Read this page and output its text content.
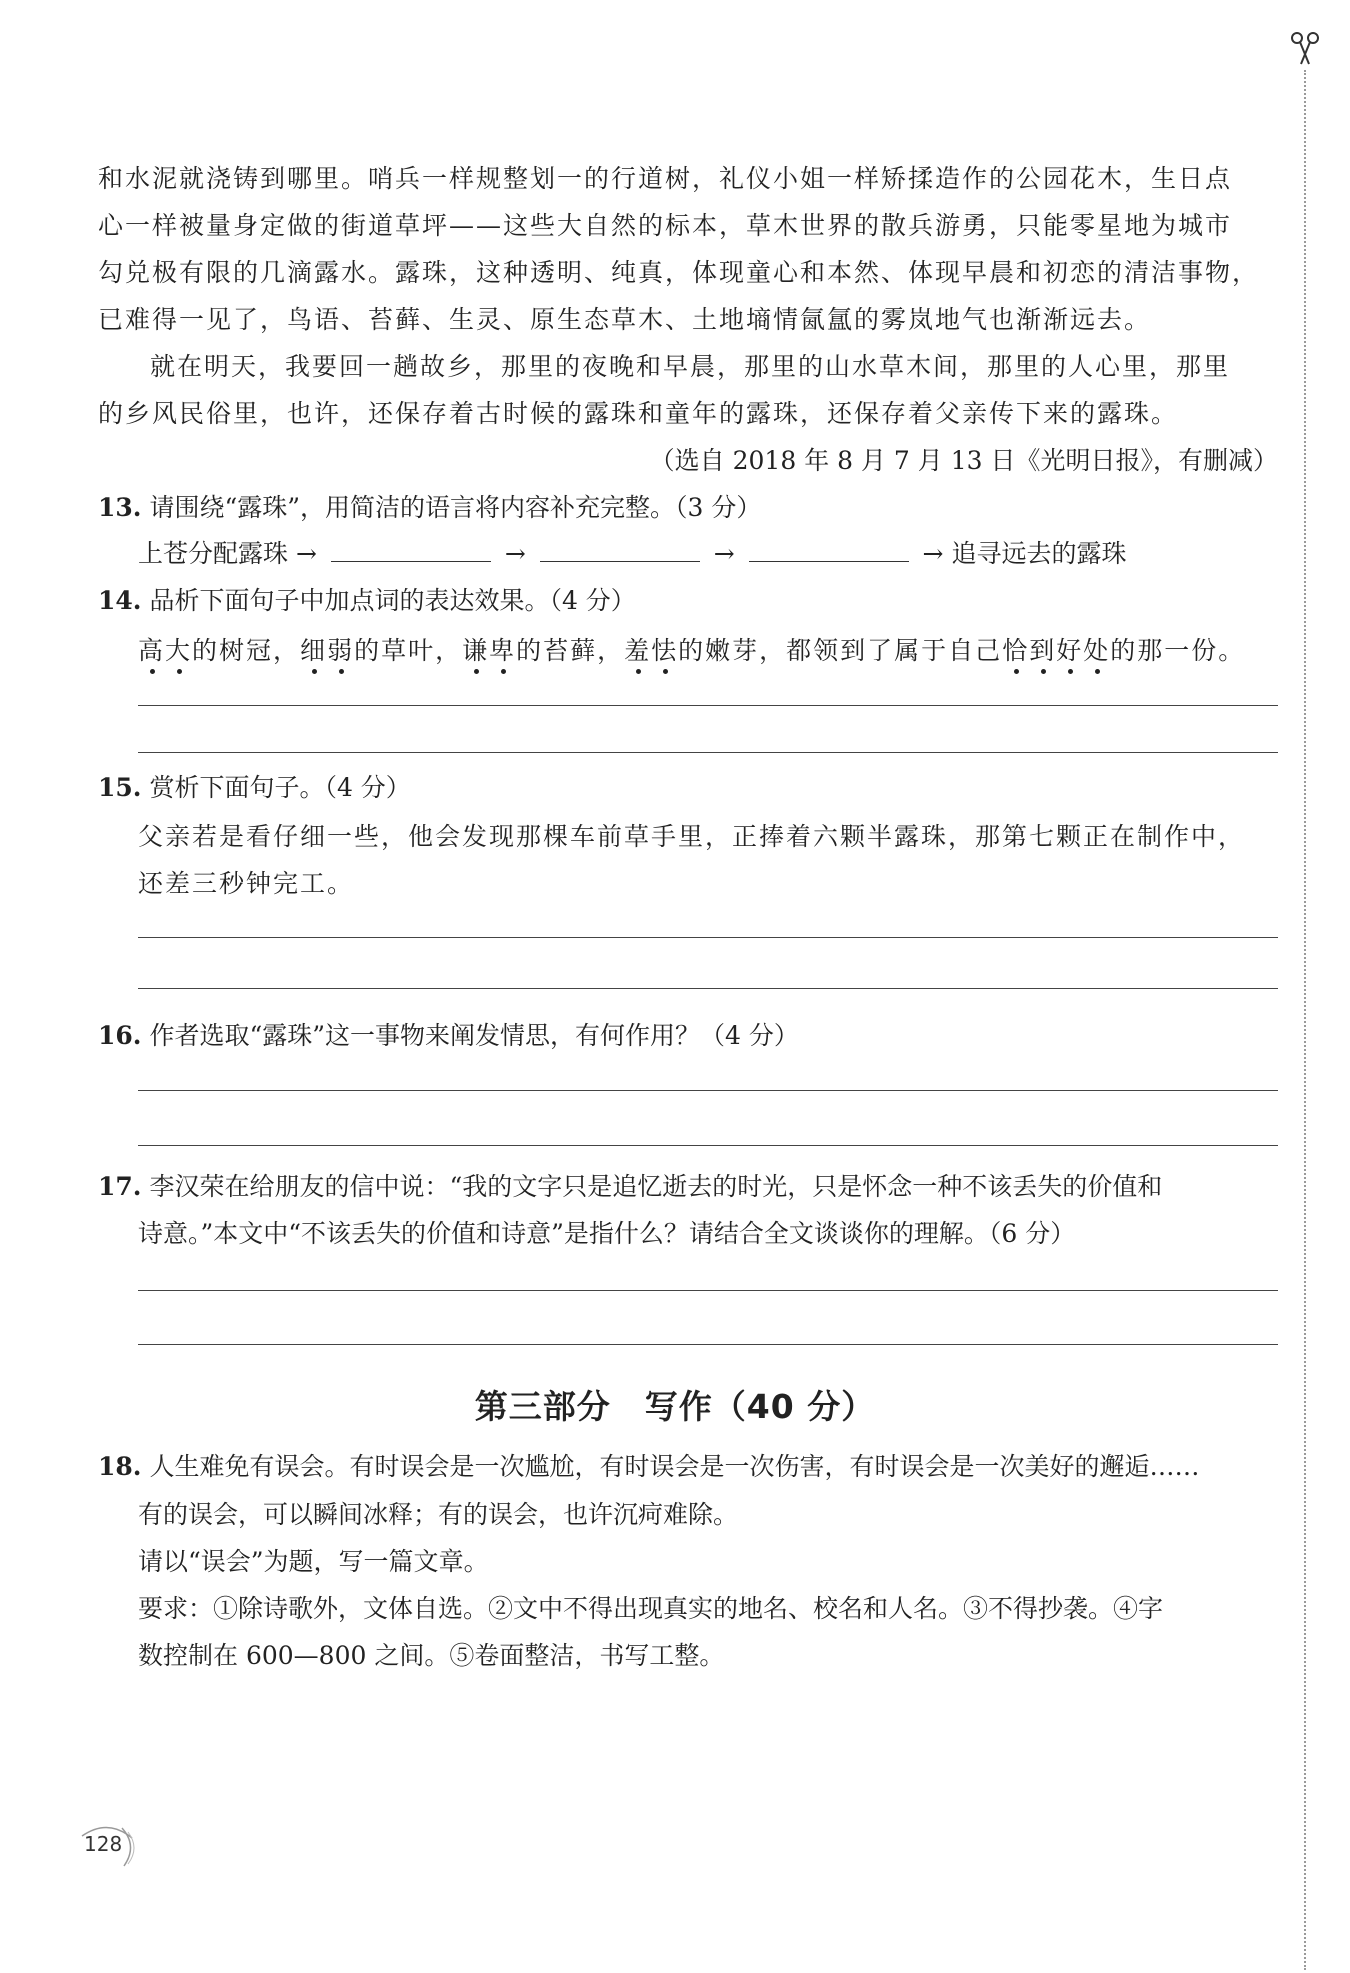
和水泥就浇铸到哪里。哨兵一样规整划一的行道树，礼仪小姐一样矫揉造作的公园花木，生日点
心一样被量身定做的街道草坪——这些大自然的标本，草木世界的散兵游勇，只能零星地为城市
勾兑极有限的几滴露水。露珠，这种透明、纯真，体现童心和本然、体现早晨和初恋的清洁事物，
已难得一见了，鸟语、苔藓、生灵、原生态草木、土地墒情氤氲的雾岚地气也渐渐远去。
就在明天，我要回一趟故乡，那里的夜晚和早晨，那里的山水草木间，那里的人心里，那里
的乡风民俗里，也许，还保存着古时候的露珠和童年的露珠，还保存着父亲传下来的露珠。
（选自 2018 年 8 月 7 月 13 日《光明日报》，有删减）
13. 请围绕“露珠”，用简洁的语言将内容补充完整。（3 分）
上苍分配露珠 →	→	→	→ 追寻远去的露珠
14. 品析下面句子中加点词的表达效果。（4 分）
高大的树冠，细弱的草叶，谦卑的苔藓，羞怯的嫩芽，都领到了属于自己恰到好处的那一份。
15. 赏析下面句子。（4 分）
父亲若是看仔细一些，他会发现那棵车前草手里，正捧着六颗半露珠，那第七颗正在制作中，
还差三秒钟完工。
16. 作者选取“露珠”这一事物来阐发情思，有何作用？（4 分）
17. 李汉荣在给朋友的信中说：“我的文字只是追忆逝去的时光，只是怀念一种不该丢失的价值和
诗意。”本文中“不该丢失的价值和诗意”是指什么？请结合全文谈谈你的理解。（6 分）
第三部分　写作（40 分）
18. 人生难免有误会。有时误会是一次尴尬，有时误会是一次伤害，有时误会是一次美好的邂逅……
有的误会，可以瞬间冰释；有的误会，也许沉疴难除。
请以“误会”为题，写一篇文章。
要求：①除诗歌外，文体自选。②文中不得出现真实的地名、校名和人名。③不得抄袭。④字
数控制在 600—800 之间。⑤卷面整洁，书写工整。
128
